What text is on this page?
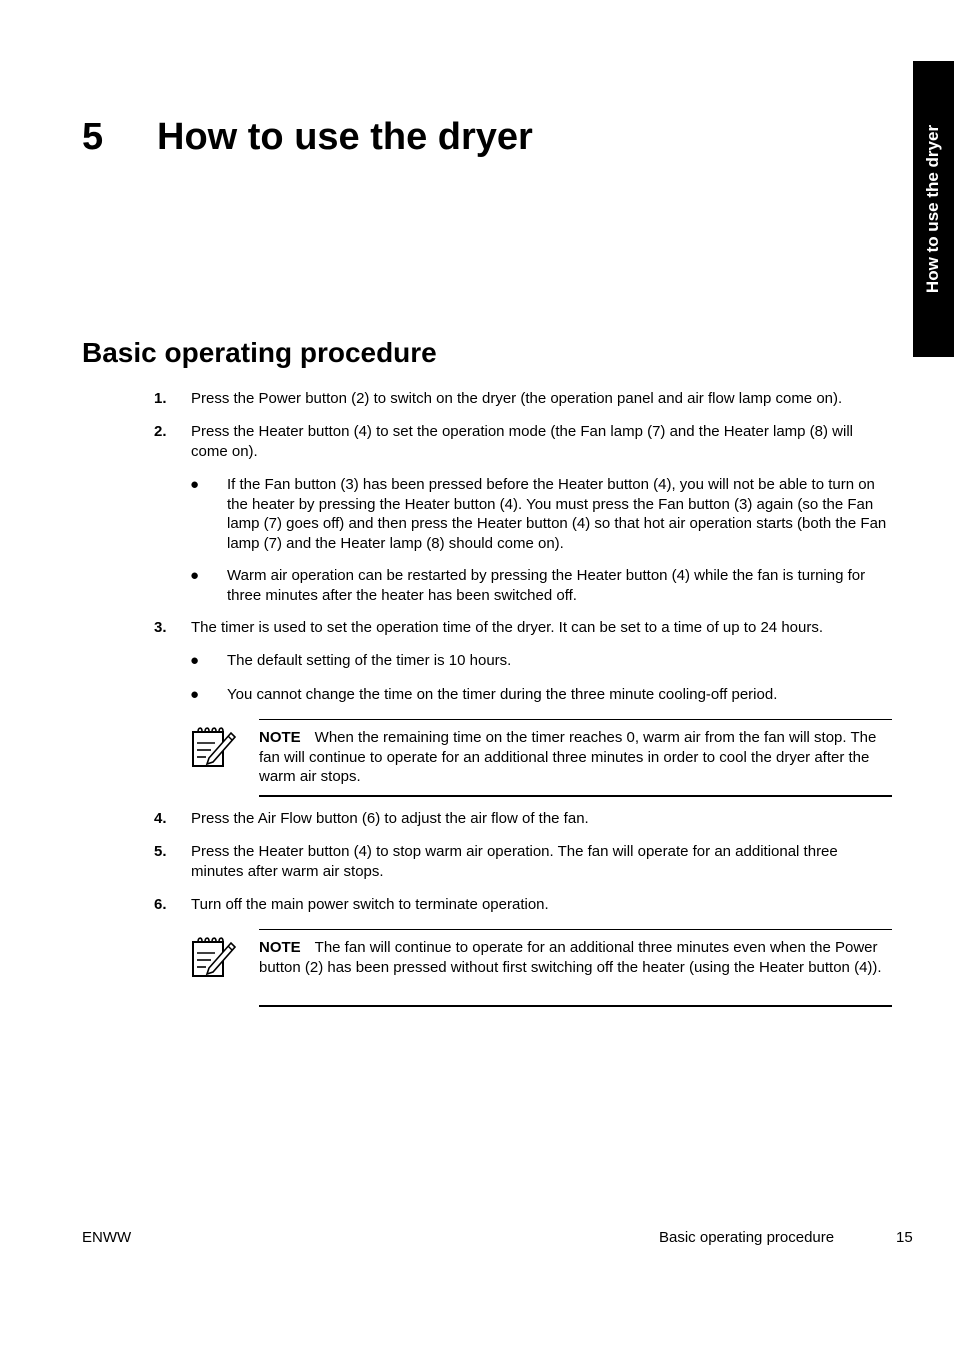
How to use the dryer
5 How to use the dryer
Basic operating procedure
1. Press the Power button (2) to switch on the dryer (the operation panel and air flow lamp come on).
2. Press the Heater button (4) to set the operation mode (the Fan lamp (7) and the Heater lamp (8) will come on).
● If the Fan button (3) has been pressed before the Heater button (4), you will not be able to turn on the heater by pressing the Heater button (4). You must press the Fan button (3) again (so the Fan lamp (7) goes off) and then press the Heater button (4) so that hot air operation starts (both the Fan lamp (7) and the Heater lamp (8) should come on).
● Warm air operation can be restarted by pressing the Heater button (4) while the fan is turning for three minutes after the heater has been switched off.
3. The timer is used to set the operation time of the dryer. It can be set to a time of up to 24 hours.
● The default setting of the timer is 10 hours.
● You cannot change the time on the timer during the three minute cooling-off period.
NOTE When the remaining time on the timer reaches 0, warm air from the fan will stop. The fan will continue to operate for an additional three minutes in order to cool the dryer after the warm air stops.
4. Press the Air Flow button (6) to adjust the air flow of the fan.
5. Press the Heater button (4) to stop warm air operation. The fan will operate for an additional three minutes after warm air stops.
6. Turn off the main power switch to terminate operation.
NOTE The fan will continue to operate for an additional three minutes even when the Power button (2) has been pressed without first switching off the heater (using the Heater button (4)).
ENWW	Basic operating procedure	15
